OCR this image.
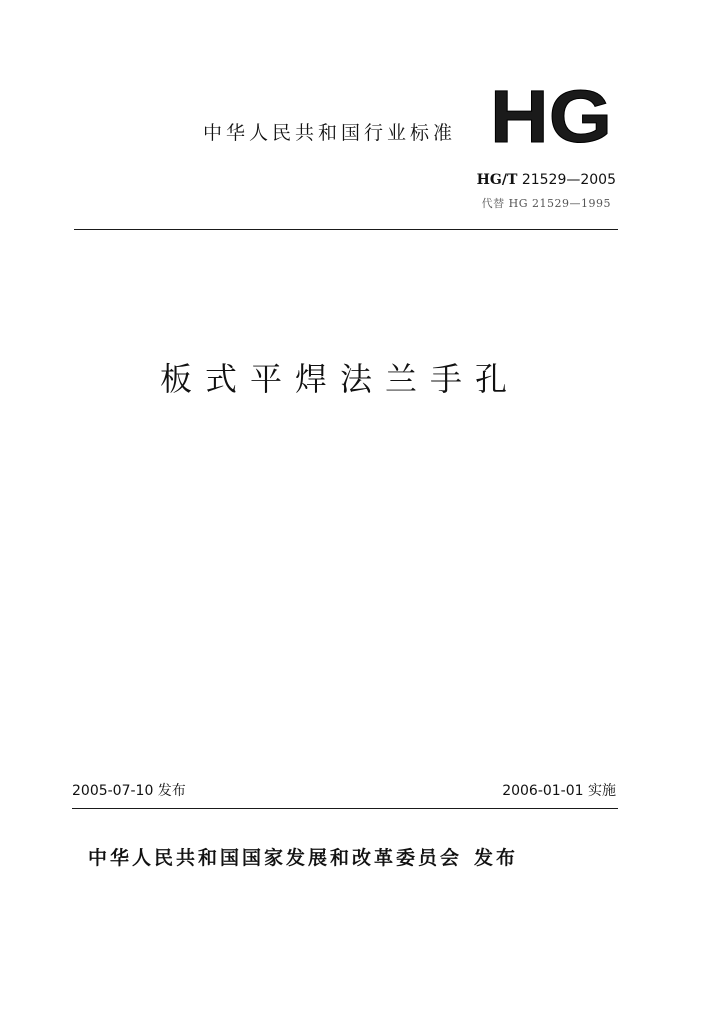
中华人民共和国行业标准 HG
HG/T 21529—2005
代替 HG 21529—1995
板式平焊法兰手孔
2005-07-10 发布	2006-01-01 实施
中华人民共和国国家发展和改革委员会 发布
